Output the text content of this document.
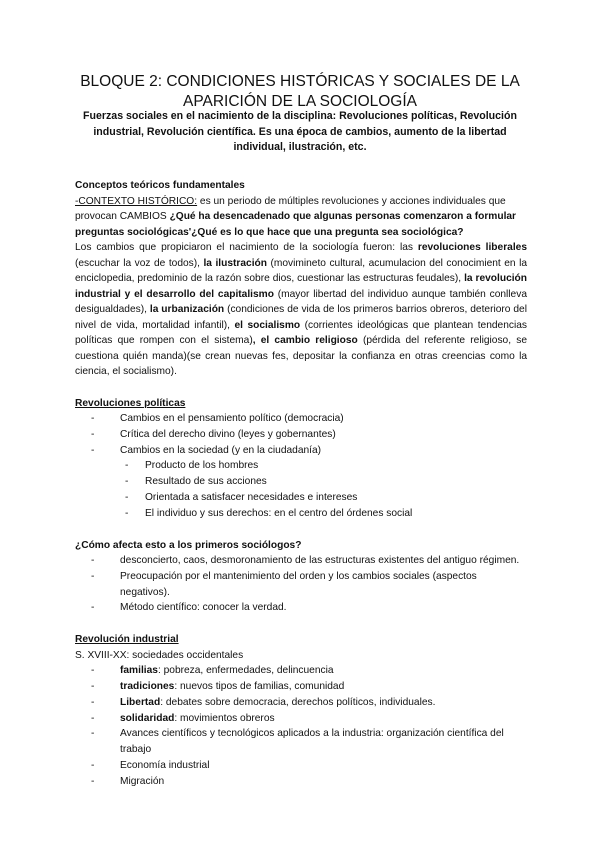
BLOQUE 2: CONDICIONES HISTÓRICAS Y SOCIALES DE LA APARICIÓN DE LA SOCIOLOGÍA
Fuerzas sociales en el nacimiento de la disciplina: Revoluciones políticas, Revolución industrial, Revolución científica. Es una época de cambios, aumento de la libertad individual, ilustración, etc.

Conceptos teóricos fundamentales

-CONTEXTO HISTÓRICO: es un periodo de múltiples revoluciones y acciones individuales que provocan CAMBIOS ¿Qué ha desencadenado que algunas personas comenzaron a formular preguntas sociológicas'¿Qué es lo que hace que una pregunta sea sociológica?

Los cambios que propiciaron el nacimiento de la sociología fueron: las revoluciones liberales (escuchar la voz de todos), la ilustración (movimineto cultural, acumulacion del conocimient en la enciclopedia, predominio de la razón sobre dios, cuestionar las estructuras feudales), la revolución industrial y el desarrollo del capitalismo (mayor libertad del individuo aunque también conlleva desigualdades), la urbanización (condiciones de vida de los primeros barrios obreros, deterioro del nivel de vida, mortalidad infantil), el socialismo (corrientes ideológicas que plantean tendencias políticas que rompen con el sistema), el cambio religioso (pérdida del referente religioso, se cuestiona quién manda)(se crean nuevas fes, depositar la confianza en otras creencias como la ciencia, el socialismo).

Revoluciones políticas

- Cambios en el pensamiento político (democracia)
- Crítica del derecho divino (leyes y gobernantes)
- Cambios en la sociedad (y en la ciudadanía)
- Producto de los hombres
- Resultado de sus acciones
- Orientada a satisfacer necesidades e intereses
- El individuo y sus derechos: en el centro del órdenes social

¿Cómo afecta esto a los primeros sociólogos?

- desconcierto, caos, desmoronamiento de las estructuras existentes del antiguo régimen.
- Preocupación por el mantenimiento del orden y los cambios sociales (aspectos negativos).
- Método científico: conocer la verdad.

Revolución industrial

S. XVIII-XX: sociedades occidentales

- familias: pobreza, enfermedades, delincuencia
- tradiciones: nuevos tipos de familias, comunidad
- Libertad: debates sobre democracia, derechos políticos, individuales.
- solidaridad: movimientos obreros
- Avances científicos y tecnológicos aplicados a la industria: organización científica del trabajo
- Economía industrial
- Migración
